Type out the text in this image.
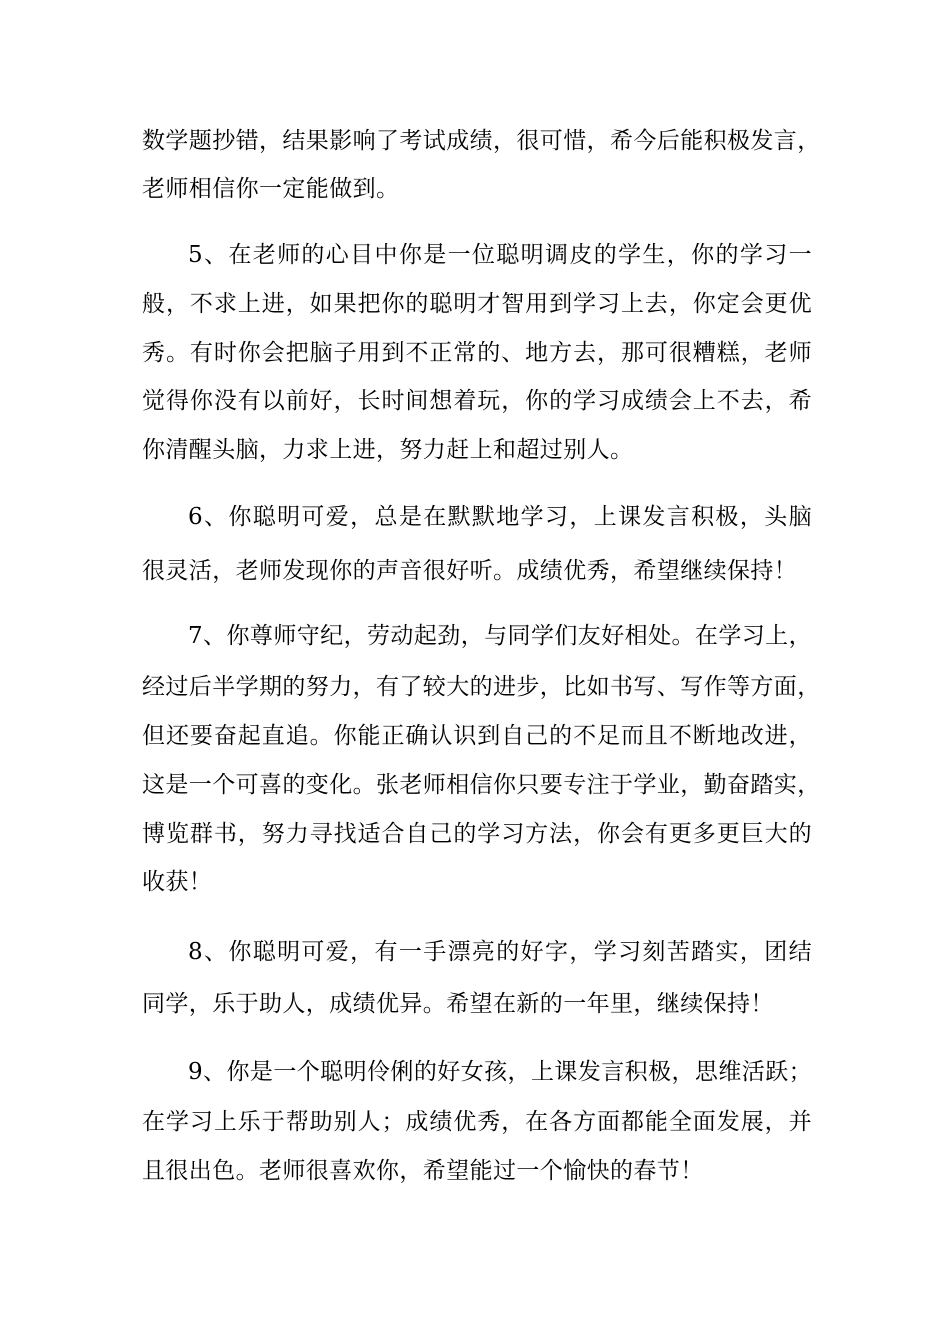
数学题抄错，结果影响了考试成绩，很可惜，希今后能积极发言，
老师相信你一定能做到。
5、在老师的心目中你是一位聪明调皮的学生，你的学习一
般，不求上进，如果把你的聪明才智用到学习上去，你定会更优
秀。有时你会把脑子用到不正常的、地方去，那可很糟糕，老师
觉得你没有以前好，长时间想着玩，你的学习成绩会上不去，希
你清醒头脑，力求上进，努力赶上和超过别人。
6、你聪明可爱，总是在默默地学习，上课发言积极，头脑
很灵活，老师发现你的声音很好听。成绩优秀，希望继续保持！
7、你尊师守纪，劳动起劲，与同学们友好相处。在学习上，
经过后半学期的努力，有了较大的进步，比如书写、写作等方面，
但还要奋起直追。你能正确认识到自己的不足而且不断地改进，
这是一个可喜的变化。张老师相信你只要专注于学业，勤奋踏实，
博览群书，努力寻找适合自己的学习方法，你会有更多更巨大的
收获！
8、你聪明可爱，有一手漂亮的好字，学习刻苦踏实，团结
同学，乐于助人，成绩优异。希望在新的一年里，继续保持！
9、你是一个聪明伶俐的好女孩，上课发言积极，思维活跃；
在学习上乐于帮助别人；成绩优秀，在各方面都能全面发展，并
且很出色。老师很喜欢你，希望能过一个愉快的春节！
